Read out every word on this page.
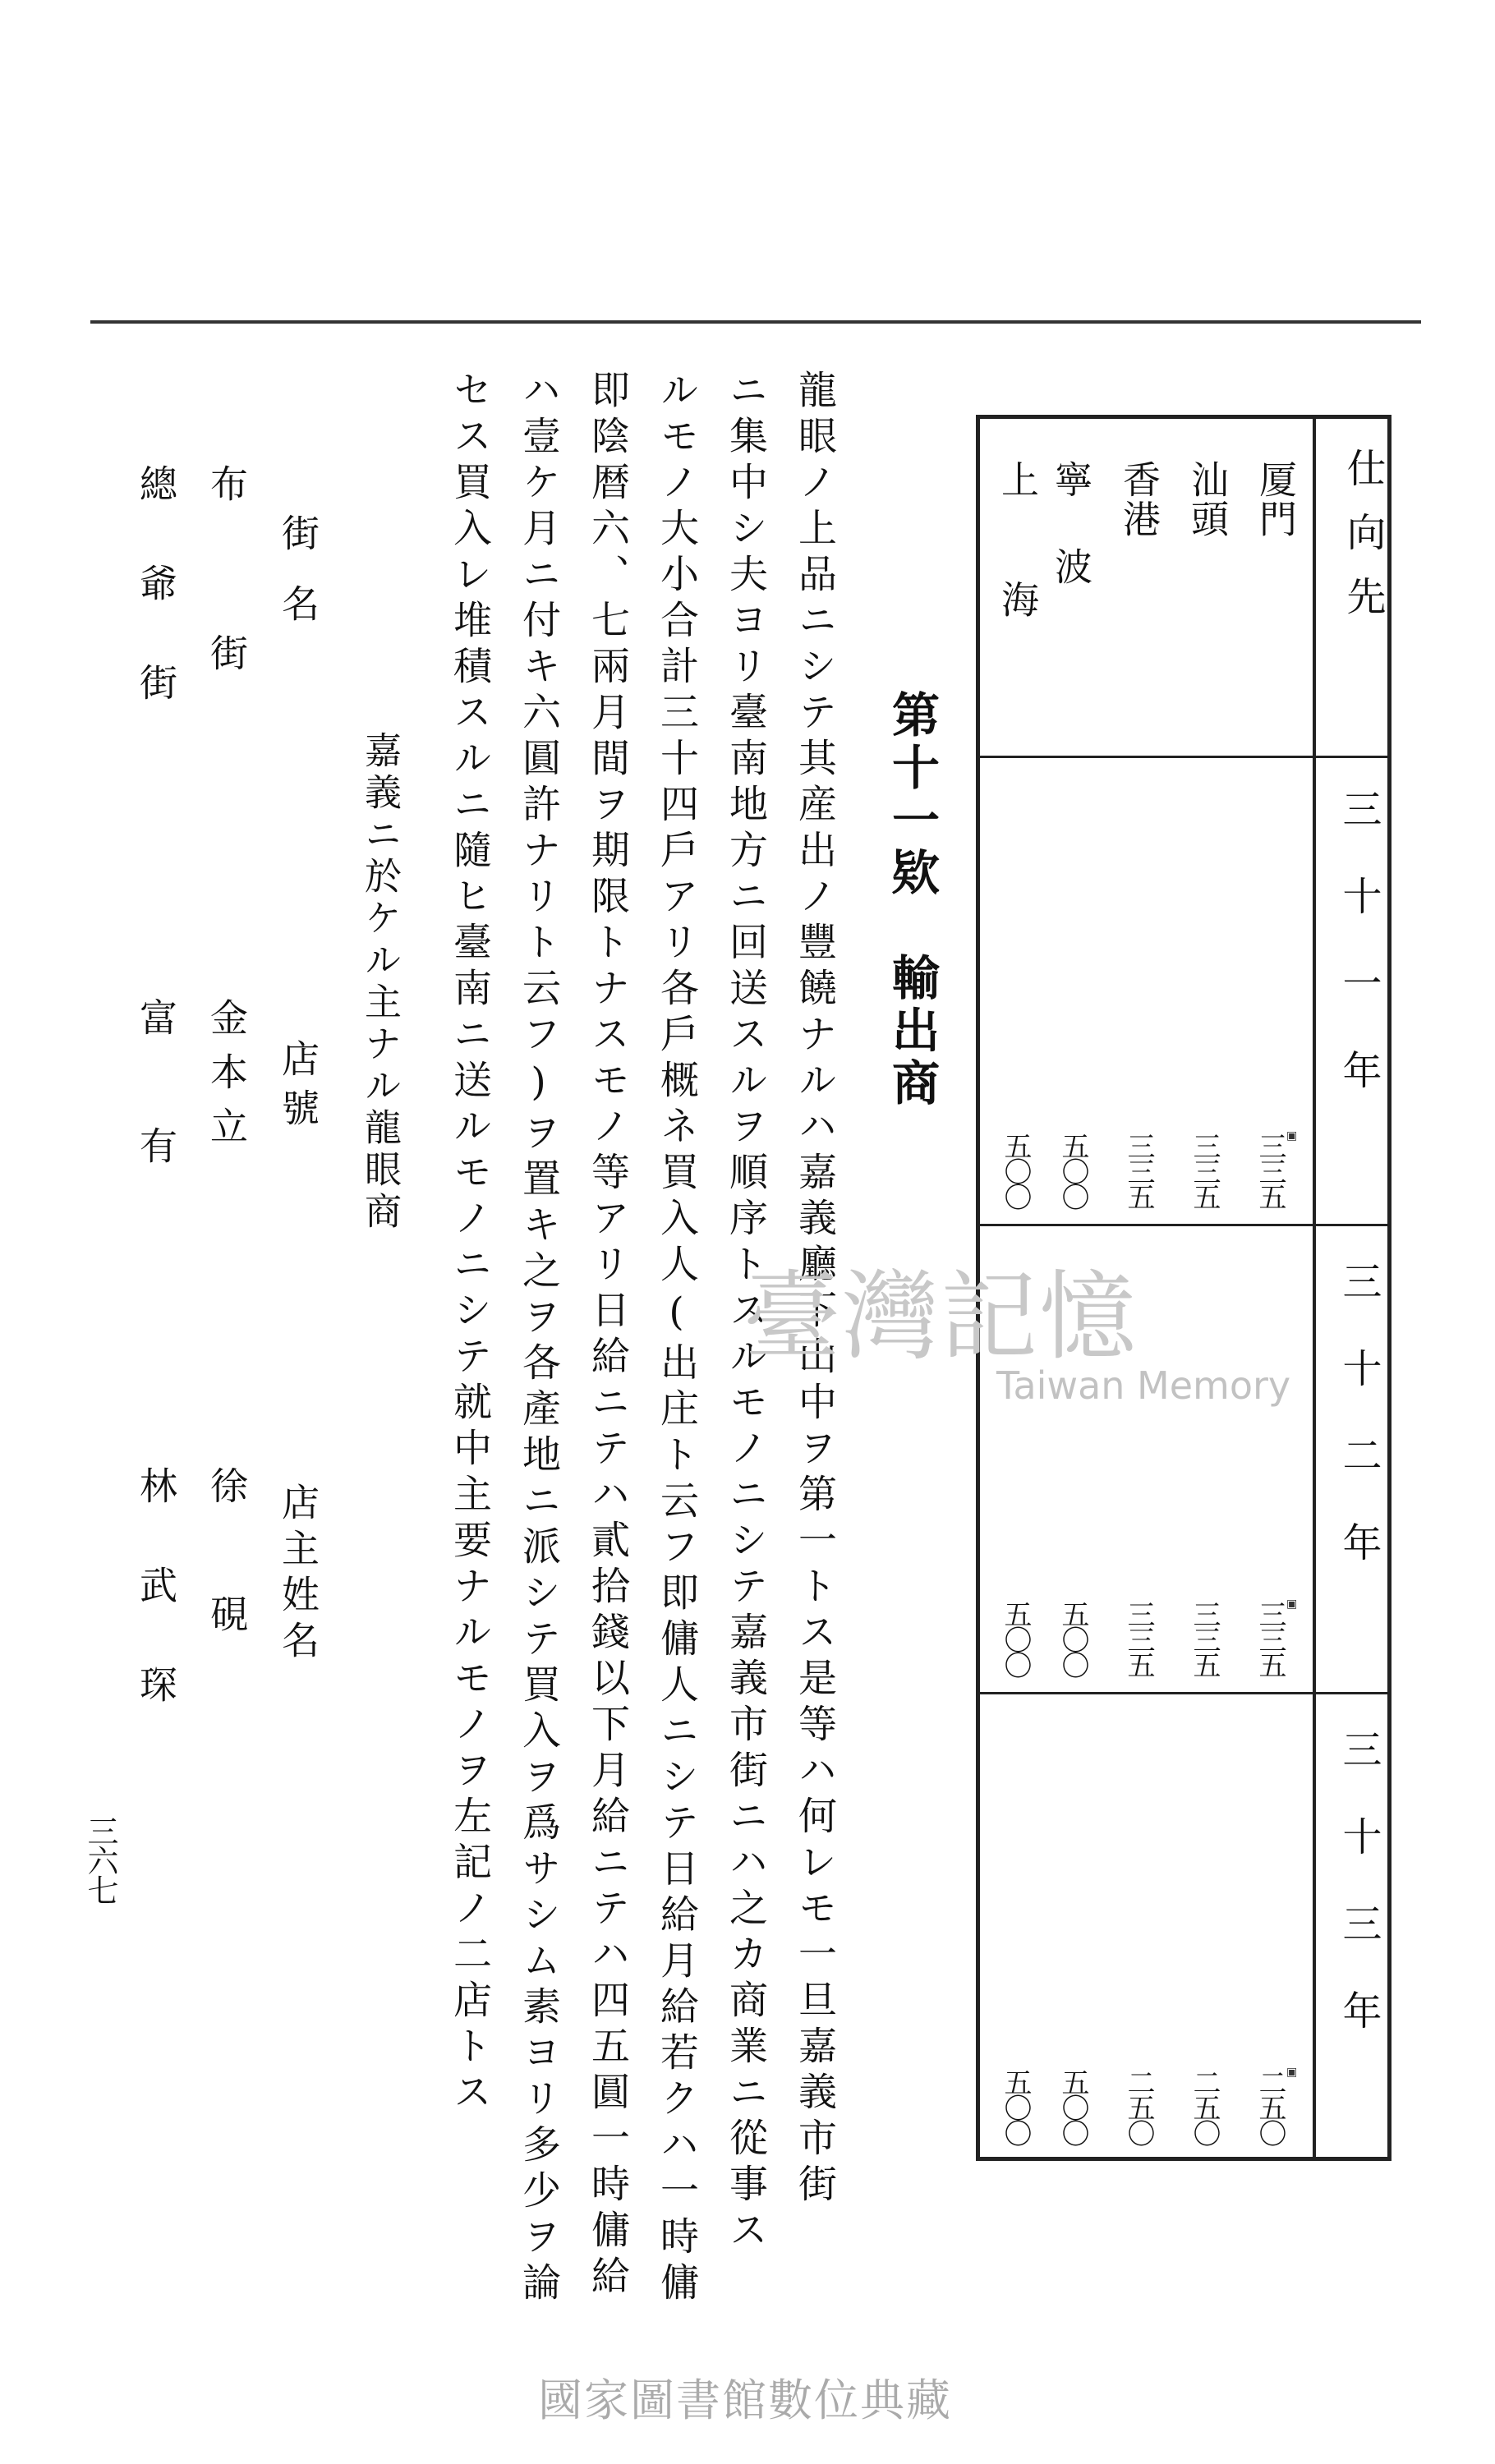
仕向先
厦門
汕頭
香港
寧波
上海
三十一年
三十二年
三十三年
三三五
三三五
三三五
五〇〇
五〇〇
三三五
三三五
三三五
五〇〇
五〇〇
二五〇
二五〇
二五〇
五〇〇
五〇〇
▣
▣
▣
第十一欵　輸出商
龍眼ノ上品ニシテ其産出ノ豐饒ナルハ嘉義廳下山中ヲ第一トス是等ハ何レモ一旦嘉義市街
ニ集中シ夫ヨリ臺南地方ニ回送スルヲ順序トスルモノニシテ嘉義市街ニハ之カ商業ニ從事ス
ルモノ大小合計三十四戶アリ各戶概ネ買入人(出庄ト云フ即傭人ニシテ日給月給若クハ一時傭
即陰暦六、七兩月間ヲ期限トナスモノ等アリ日給ニテハ貳拾錢以下月給ニテハ四五圓一時傭給
ハ壹ケ月ニ付キ六圓許ナリト云フ)ヲ置キ之ヲ各產地ニ派シテ買入ヲ爲サシム素ヨリ多少ヲ論
セス買入レ堆積スルニ隨ヒ臺南ニ送ルモノニシテ就中主要ナルモノヲ左記ノ二店トス
嘉義ニ於ケル主ナル龍眼商
街名
店號
店主姓名
布街
金本立
徐硯
總爺街
富有
林武琛
三六七
臺灣記憶
Taiwan Memory
國家圖書館數位典藏
